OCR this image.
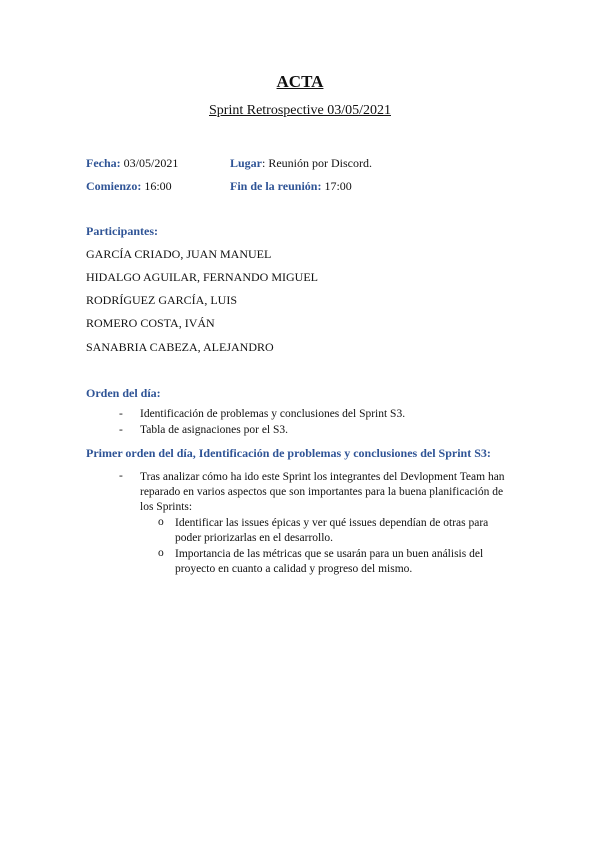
ACTA
Sprint Retrospective 03/05/2021
Fecha: 03/05/2021	Lugar: Reunión por Discord.
Comienzo: 16:00	Fin de la reunión: 17:00
Participantes:
GARCÍA CRIADO, JUAN MANUEL
HIDALGO AGUILAR, FERNANDO MIGUEL
RODRÍGUEZ GARCÍA, LUIS
ROMERO COSTA, IVÁN
SANABRIA CABEZA, ALEJANDRO
Orden del día:
- Identificación de problemas y conclusiones del Sprint S3.
- Tabla de asignaciones por el S3.
Primer orden del día, Identificación de problemas y conclusiones del Sprint S3:
- Tras analizar cómo ha ido este Sprint los integrantes del Devlopment Team han reparado en varios aspectos que son importantes para la buena planificación de los Sprints:
o Identificar las issues épicas y ver qué issues dependían de otras para poder priorizarlas en el desarrollo.
o Importancia de las métricas que se usarán para un buen análisis del proyecto en cuanto a calidad y progreso del mismo.
